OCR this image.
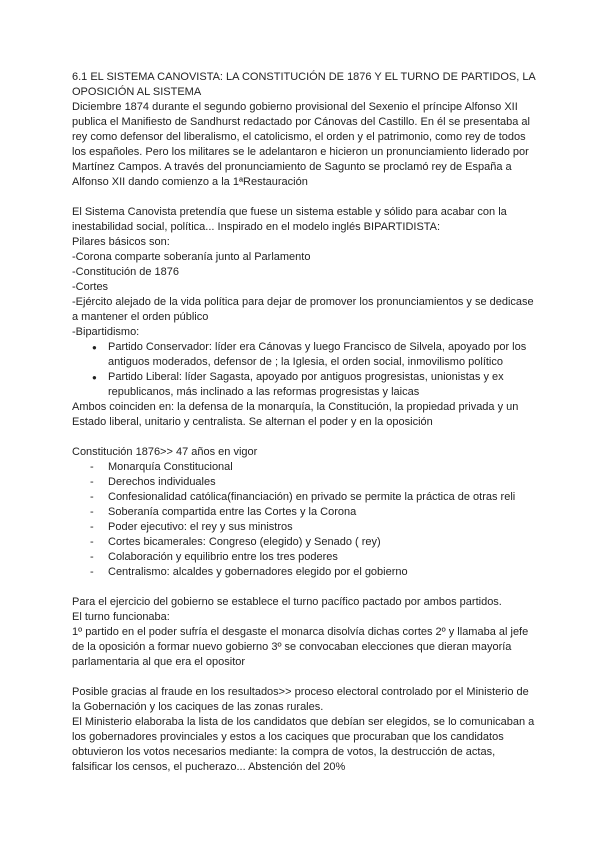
6.1 EL SISTEMA CANOVISTA: LA CONSTITUCIÓN DE 1876 Y EL TURNO DE PARTIDOS, LA OPOSICIÓN AL SISTEMA

Diciembre 1874 durante el segundo gobierno provisional del Sexenio el príncipe Alfonso XII publica el Manifiesto de Sandhurst redactado por Cánovas del Castillo. En él se presentaba al rey como defensor del liberalismo, el catolicismo, el orden y el patrimonio, como rey de todos los españoles. Pero los militares se le adelantaron e hicieron un pronunciamiento liderado por Martínez Campos. A través del pronunciamiento de Sagunto se proclamó rey de España a Alfonso XII dando comienzo a la 1ªRestauración

El Sistema Canovista pretendía que fuese un sistema estable y sólido para acabar con la inestabilidad social, política... Inspirado en el modelo inglés BIPARTIDISTA:

Pilares básicos son:

-Corona comparte soberanía junto al Parlamento

-Constitución de 1876

-Cortes

-Ejército alejado de la vida política para dejar de promover los pronunciamientos y se dedicase a mantener el orden público

-Bipartidismo:

● Partido Conservador: líder era Cánovas y luego Francisco de Silvela, apoyado por los antiguos moderados, defensor de ; la Iglesia, el orden social, inmovilismo político
● Partido Liberal: líder Sagasta, apoyado por antiguos progresistas, unionistas y ex republicanos, más inclinado a las reformas progresistas y laicas

Ambos coinciden en: la defensa de la monarquía, la Constitución, la propiedad privada y un Estado liberal, unitario y centralista. Se alternan el poder y en la oposición

Constitución 1876>> 47 años en vigor

- Monarquía Constitucional
- Derechos individuales
- Confesionalidad católica(financiación) en privado se permite la práctica de otras reli
- Soberanía compartida entre las Cortes y la Corona
- Poder ejecutivo: el rey y sus ministros
- Cortes bicamerales: Congreso (elegido) y Senado ( rey)
- Colaboración y equilibrio entre los tres poderes
- Centralismo: alcaldes y gobernadores elegido por el gobierno

Para el ejercicio del gobierno se establece el turno pacífico pactado por ambos partidos.

El turno funcionaba:

1º partido en el poder sufría el desgaste el monarca disolvía dichas cortes 2º y llamaba al jefe de la oposición a formar nuevo gobierno 3º se convocaban elecciones que dieran mayoría parlamentaria al que era el opositor

Posible gracias al fraude en los resultados>> proceso electoral controlado por el Ministerio de la Gobernación y los caciques de las zonas rurales.

El Ministerio elaboraba la lista de los candidatos que debían ser elegidos, se lo comunicaban a los gobernadores provinciales y estos a los caciques que procuraban que los candidatos obtuvieron los votos necesarios mediante: la compra de votos, la destrucción de actas, falsificar los censos, el pucherazo... Abstención del 20%
